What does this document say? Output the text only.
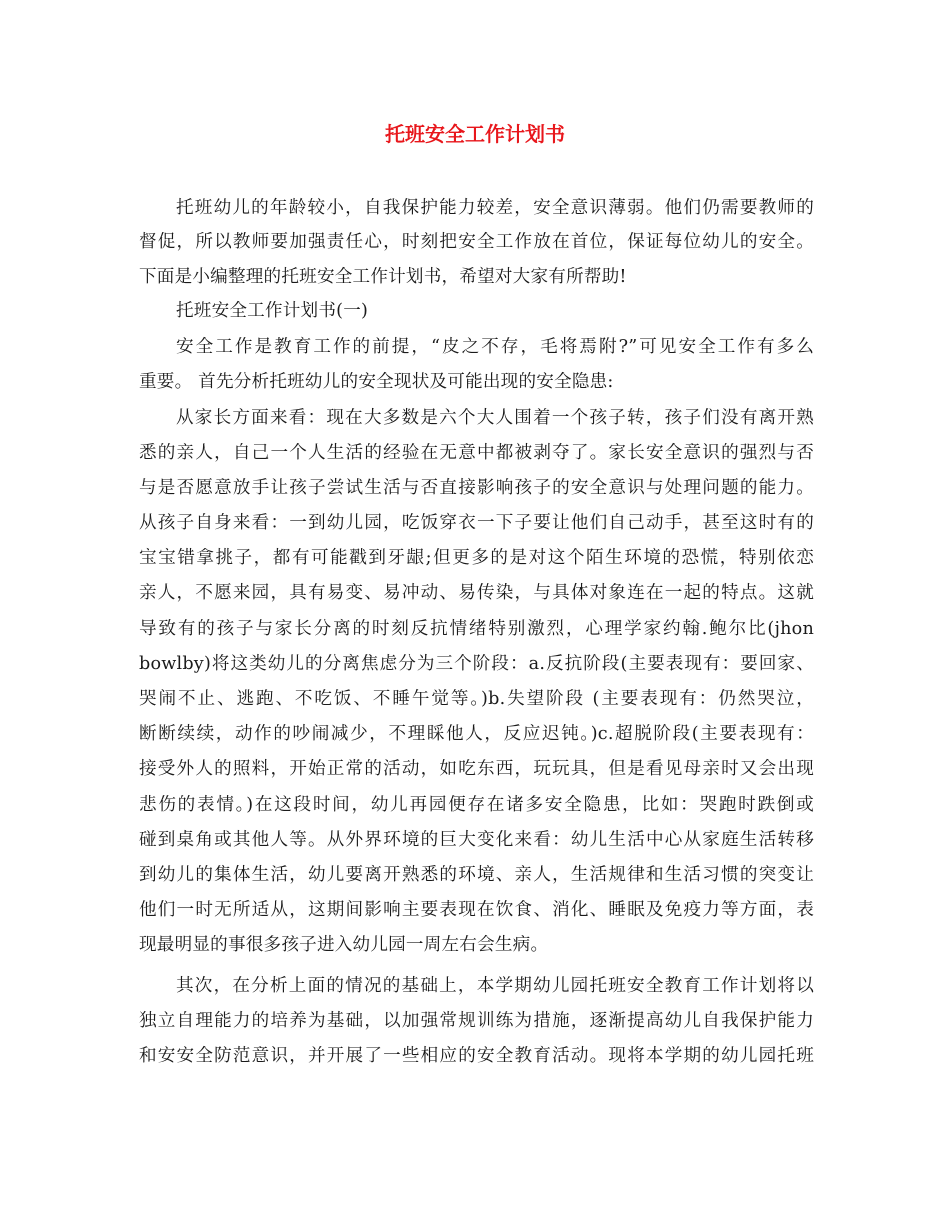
托班安全工作计划书
托班幼儿的年龄较小，自我保护能力较差，安全意识薄弱。他们仍需要教师的
督促，所以教师要加强责任心，时刻把安全工作放在首位，保证每位幼儿的安全。
下面是小编整理的托班安全工作计划书，希望对大家有所帮助!
托班安全工作计划书(一)
安全工作是教育工作的前提，“皮之不存，毛将焉附?”可见安全工作有多么
重要。 首先分析托班幼儿的安全现状及可能出现的安全隐患:
从家长方面来看：现在大多数是六个大人围着一个孩子转，孩子们没有离开熟
悉的亲人，自己一个人生活的经验在无意中都被剥夺了。家长安全意识的强烈与否
与是否愿意放手让孩子尝试生活与否直接影响孩子的安全意识与处理问题的能力。
从孩子自身来看：一到幼儿园，吃饭穿衣一下子要让他们自己动手，甚至这时有的
宝宝错拿挑子，都有可能戳到牙龈;但更多的是对这个陌生环境的恐慌，特别依恋
亲人，不愿来园，具有易变、易冲动、易传染，与具体对象连在一起的特点。这就
导致有的孩子与家长分离的时刻反抗情绪特别激烈，心理学家约翰.鲍尔比(jhon
bowlby)将这类幼儿的分离焦虑分为三个阶段：a.反抗阶段(主要表现有：要回家、
哭闹不止、逃跑、不吃饭、不睡午觉等。)b.失望阶段 (主要表现有：仍然哭泣，
断断续续，动作的吵闹减少，不理睬他人，反应迟钝。)c.超脱阶段(主要表现有：
接受外人的照料，开始正常的活动，如吃东西，玩玩具，但是看见母亲时又会出现
悲伤的表情。)在这段时间，幼儿再园便存在诸多安全隐患，比如：哭跑时跌倒或
碰到桌角或其他人等。从外界环境的巨大变化来看：幼儿生活中心从家庭生活转移
到幼儿的集体生活，幼儿要离开熟悉的环境、亲人，生活规律和生活习惯的突变让
他们一时无所适从，这期间影响主要表现在饮食、消化、睡眠及免疫力等方面，表
现最明显的事很多孩子进入幼儿园一周左右会生病。
其次，在分析上面的情况的基础上，本学期幼儿园托班安全教育工作计划将以
独立自理能力的培养为基础，以加强常规训练为措施，逐渐提高幼儿自我保护能力
和安安全防范意识，并开展了一些相应的安全教育活动。现将本学期的幼儿园托班
